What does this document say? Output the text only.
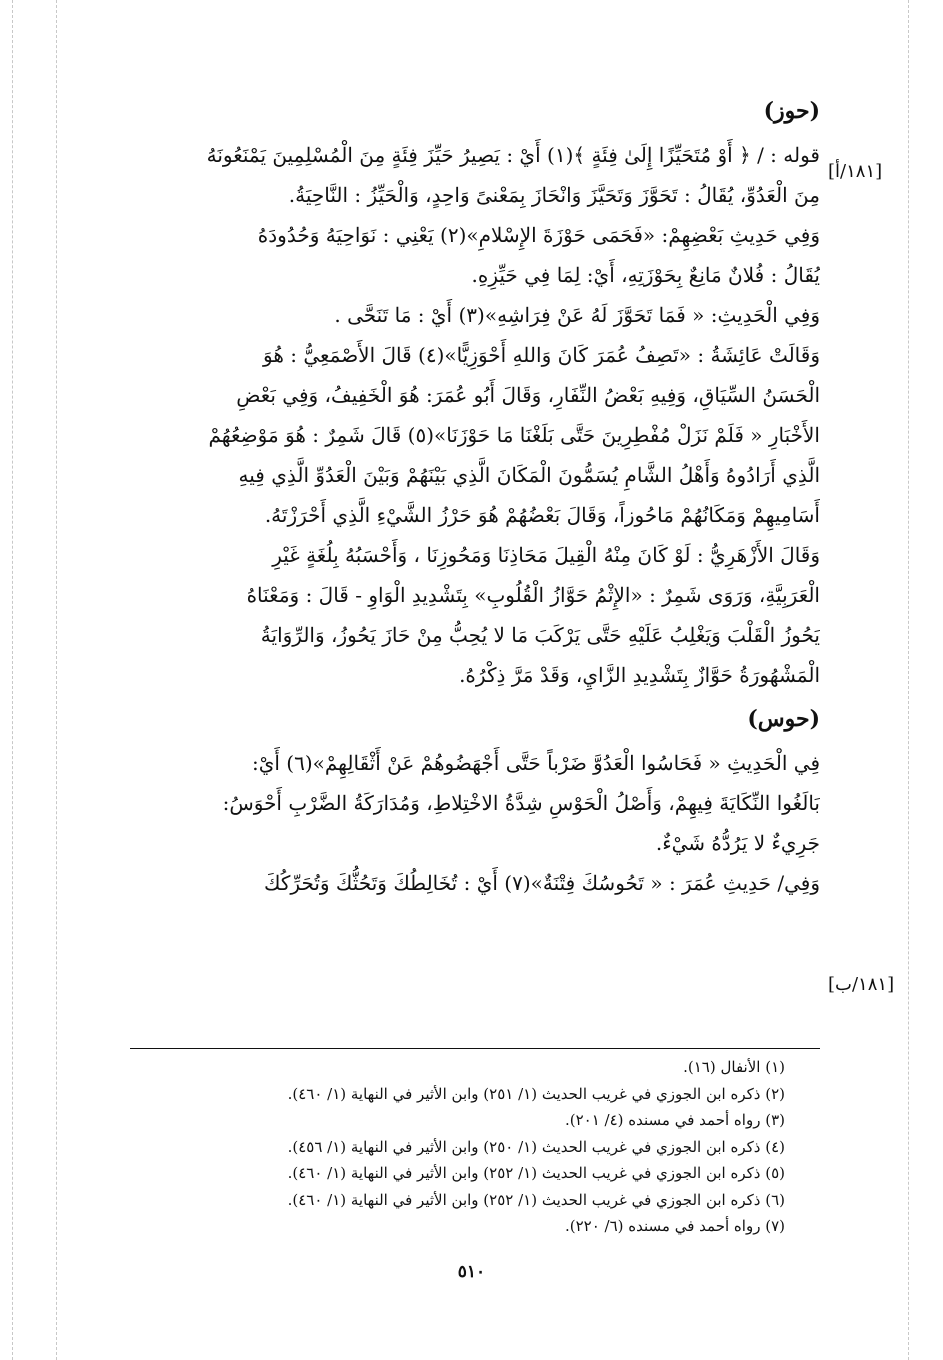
[١٨١/أ]
[١٨١/ب]
(حوز)
قوله : / ﴿ أَوْ مُتَحَيِّزًا إِلَىٰ فِئَةٍ ﴾(١) أَيْ : يَصِيرُ حَيِّزَ فِئَةٍ مِنَ الْمُسْلِمِينَ يَمْنَعُونَهُ
مِنَ الْعَدُوِّ، يُقَالُ : تَحَوَّزَ وَتَحَيَّزَ وَانْحَازَ بِمَعْنىً وَاحِدٍ، وَالْحَيِّزُ : النَّاحِيَةُ.
وَفِي حَدِيثِ بَعْضِهِمْ: «فَحَمَى حَوْزَةَ الإِسْلامِ»(٢) يَعْنِي : نَوَاحِيَهُ وَحُدُودَهُ
يُقَالُ : فُلانٌ مَانِعٌ بِحَوْزَتِهِ، أَيْ: لِمَا فِي حَيِّزِهِ.
وَفِي الْحَدِيثِ: « فَمَا تَحَوَّزَ لَهُ عَنْ فِرَاشِهِ»(٣) أَيْ : مَا تَنَحَّى .
وَقَالَتْ عَائِشَةُ : «تَصِفُ عُمَرَ كَانَ وَاللهِ أَحْوَزِيًّا»(٤) قَالَ الأَصْمَعِيُّ : هُوَ
الْحَسَنُ السِّيَاقِ، وَفِيهِ بَعْضُ النِّفَارِ، وَقَالَ أَبُو عُمَرَ: هُوَ الْخَفِيفُ، وَفِي بَعْضِ
الأَخْبَارِ « فَلَمْ نَزَلْ مُفْطِرِينَ حَتَّى بَلَغْنَا مَا حَوْزَنَا»(٥) قَالَ شَمِرٌ : هُوَ مَوْضِعُهُمْ
الَّذِي أَرَادُوهُ وَأَهْلُ الشَّامِ يُسَمُّونَ الْمَكَانَ الَّذِي بَيْنَهُمْ وَبَيْنَ الْعَدُوِّ الَّذِي فِيهِ
أَسَامِيهِمْ وَمَكَانُهُمْ مَاحُوزاً، وَقَالَ بَعْضُهُمْ هُوَ حَرْزُ الشَّيْءِ الَّذِي أَحْرَزْتَهُ.
وَقَالَ الأَزْهَرِيُّ : لَوْ كَانَ مِنْهُ الْقِيلَ مَحَاذِنَا وَمَحُوزِنَا ، وَأَحْسَبُهُ بِلُغَةٍ غَيْرِ
الْعَرَبِيَّةِ، وَرَوَى شَمِرٌ : «الإِثْمُ حَوَّازُ الْقُلُوبِ» بِتَشْدِيدِ الْوَاوِ - قَالَ : وَمَعْنَاهُ
يَحُوزُ الْقَلْبَ وَيَغْلِبُ عَلَيْهِ حَتَّى يَرْكَبَ مَا لا يُحِبُّ مِنْ حَازَ يَحُوزُ، وَالرِّوَايَةُ
الْمَشْهُورَةُ حَوَّازٌ بِتَشْدِيدِ الزَّايِ، وَقَدْ مَرَّ ذِكْرُهُ.
(حوس)
فِي الْحَدِيثِ « فَحَاسُوا الْعَدُوَّ ضَرْباً حَتَّى أَجْهَضُوهُمْ عَنْ أَثْقَالِهِمْ»(٦) أَيْ:
بَالَغُوا النِّكَايَةَ فِيهِمْ، وَأَصْلُ الْحَوْسِ شِدَّةُ الاخْتِلاطِ، وَمُدَارَكَةُ الضَّرْبِ أَحْوَسُ:
جَرِيءٌ لا يَرُدُّهُ شَيْءٌ.
وَفِي/ حَدِيثِ عُمَرَ : « تَحُوسُكَ فِتْنَةٌ»(٧) أَيْ : تُخَالِطُكَ وَتَحُثُّكَ وَتُحَرِّكُكَ
(١) الأنفال (١٦).
(٢) ذكره ابن الجوزي في غريب الحديث (١/ ٢٥١) وابن الأثير في النهاية (١/ ٤٦٠).
(٣) رواه أحمد في مسنده (٤/ ٢٠١).
(٤) ذكره ابن الجوزي في غريب الحديث (١/ ٢٥٠) وابن الأثير في النهاية (١/ ٤٥٦).
(٥) ذكره ابن الجوزي في غريب الحديث (١/ ٢٥٢) وابن الأثير في النهاية (١/ ٤٦٠).
(٦) ذكره ابن الجوزي في غريب الحديث (١/ ٢٥٢) وابن الأثير في النهاية (١/ ٤٦٠).
(٧) رواه أحمد في مسنده (٦/ ٢٢٠).
٥١٠
